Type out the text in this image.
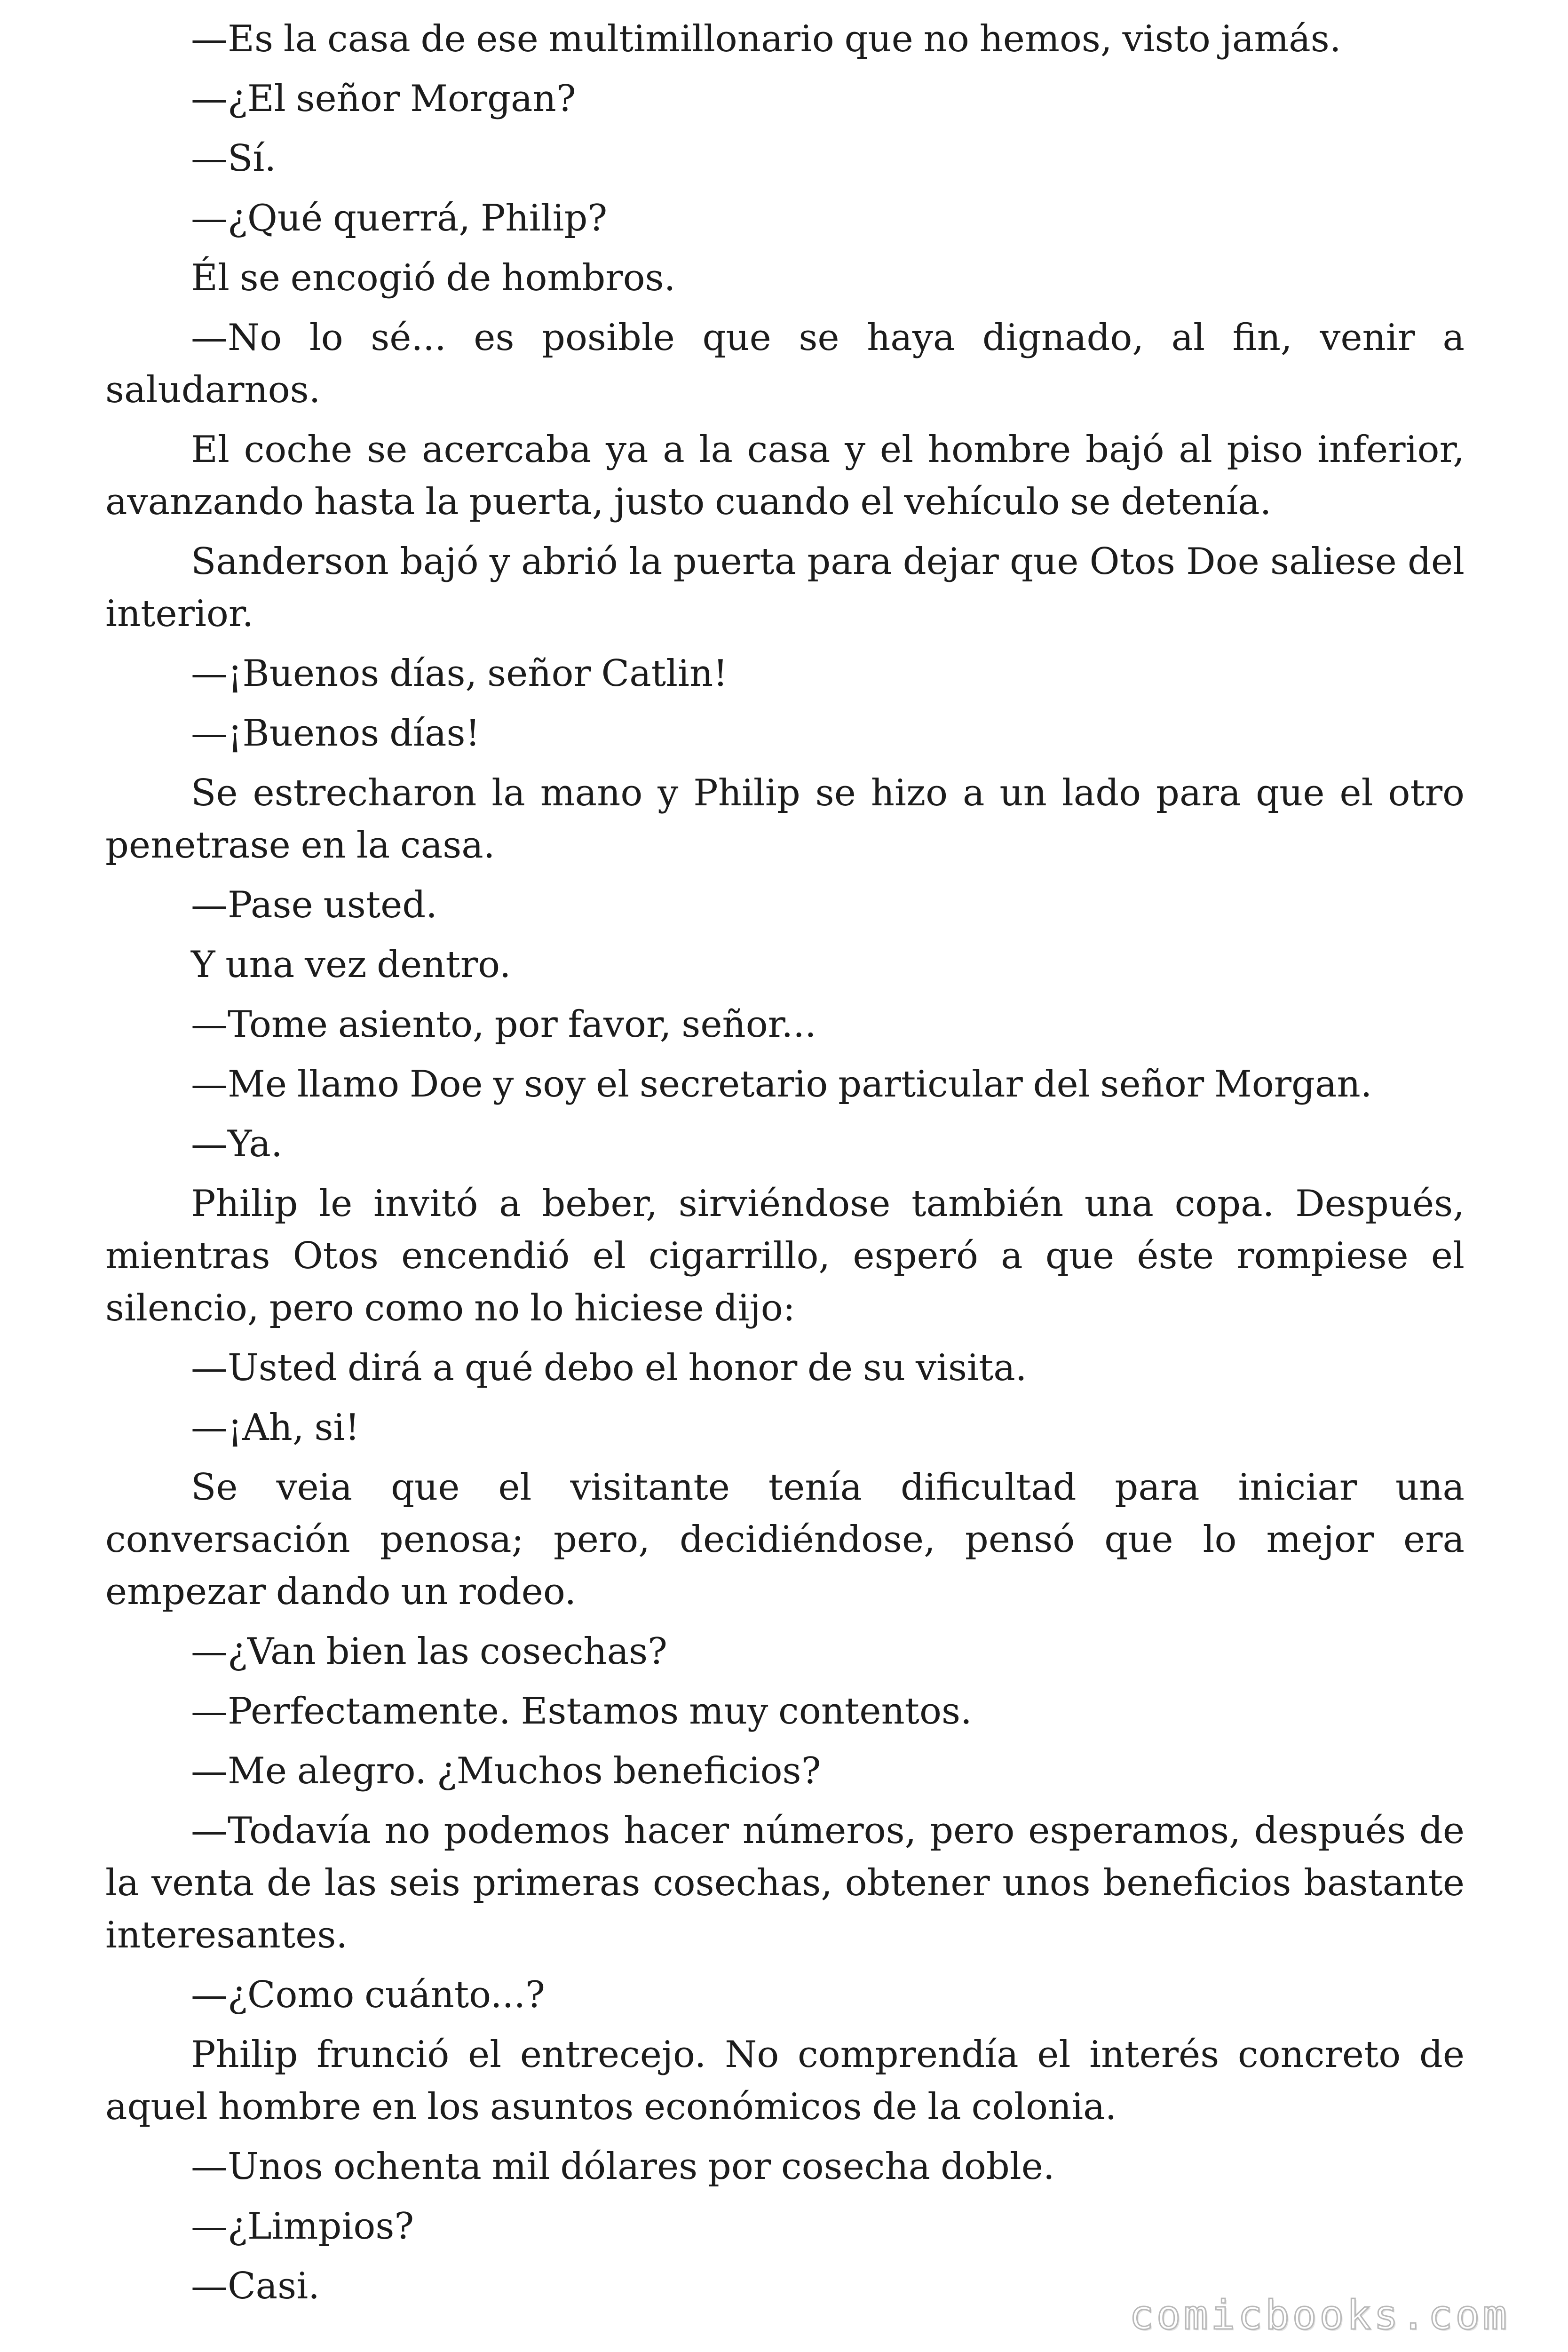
—Es la casa de ese multimillonario que no hemos, visto jamás.

—¿El señor Morgan?

—Sí.

—¿Qué querrá, Philip?

Él se encogió de hombros.

—No lo sé... es posible que se haya dignado, al fin, venir a saludarnos.

El coche se acercaba ya a la casa y el hombre bajó al piso inferior, avanzando hasta la puerta, justo cuando el vehículo se detenía.

Sanderson bajó y abrió la puerta para dejar que Otos Doe saliese del interior.

—¡Buenos días, señor Catlin!

—¡Buenos días!

Se estrecharon la mano y Philip se hizo a un lado para que el otro penetrase en la casa.

—Pase usted.

Y una vez dentro.

—Tome asiento, por favor, señor...

—Me llamo Doe y soy el secretario particular del señor Morgan.

—Ya.

Philip le invitó a beber, sirviéndose también una copa. Después, mientras Otos encendió el cigarrillo, esperó a que éste rompiese el silencio, pero como no lo hiciese dijo:

—Usted dirá a qué debo el honor de su visita.

—¡Ah, si!

Se veia que el visitante tenía dificultad para iniciar una conversación penosa; pero, decidiéndose, pensó que lo mejor era empezar dando un rodeo.

—¿Van bien las cosechas?

—Perfectamente. Estamos muy contentos.

—Me alegro. ¿Muchos beneficios?

—Todavía no podemos hacer números, pero esperamos, después de la venta de las seis primeras cosechas, obtener unos beneficios bastante interesantes.

—¿Como cuánto...?

Philip frunció el entrecejo. No comprendía el interés concreto de aquel hombre en los asuntos económicos de la colonia.

—Unos ochenta mil dólares por cosecha doble.

—¿Limpios?

—Casi.

comicbooks.com
